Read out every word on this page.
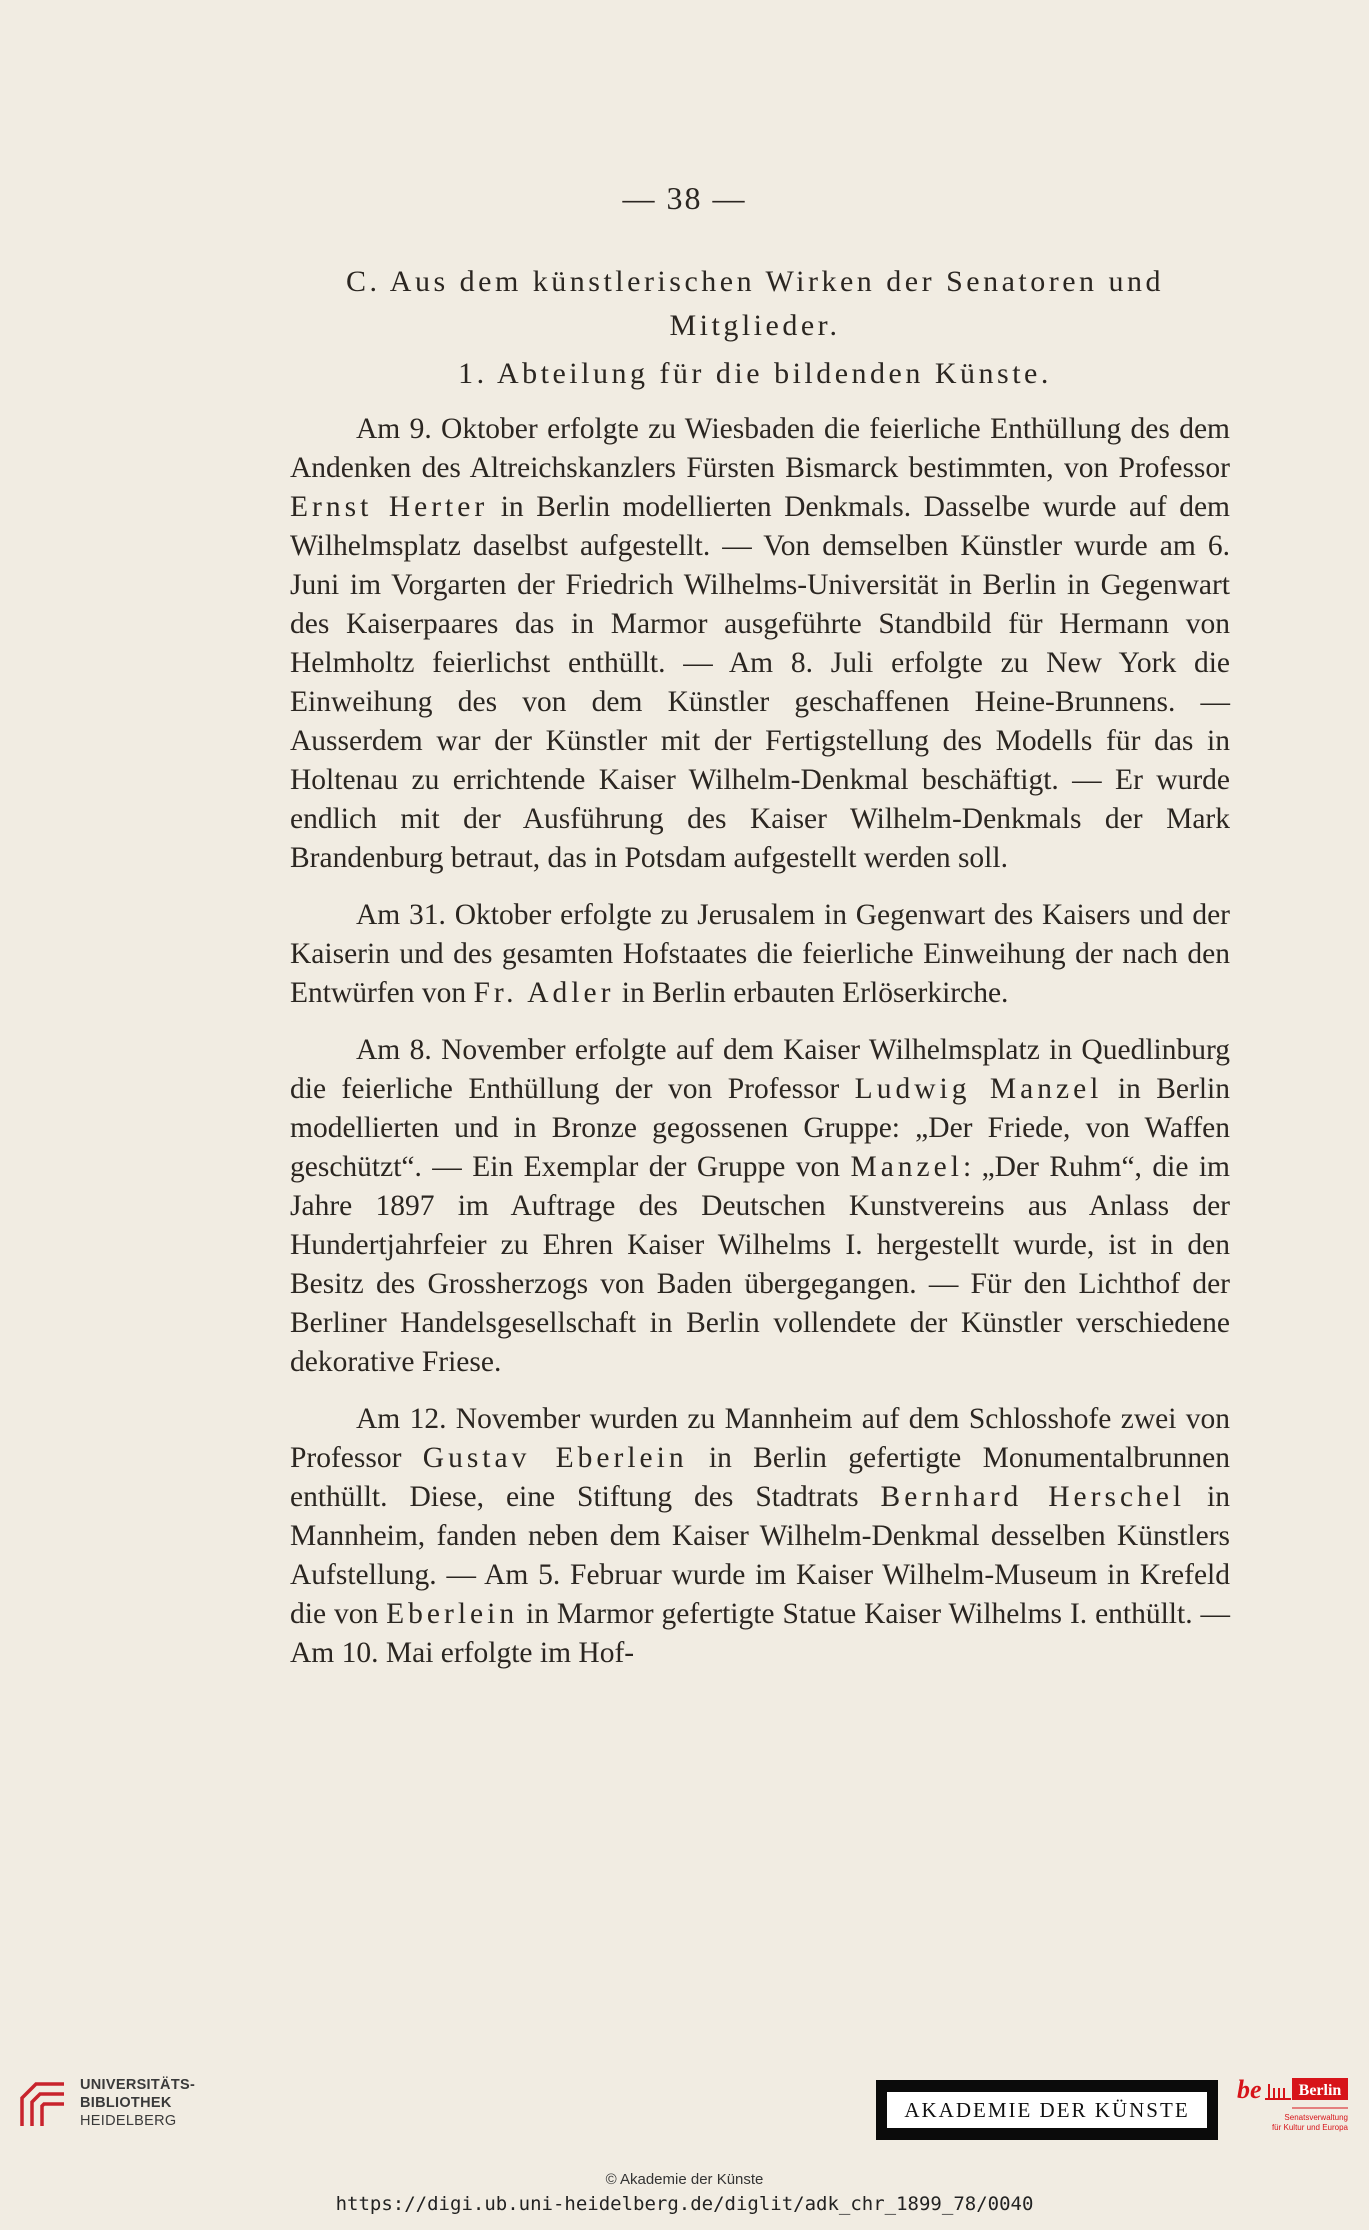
— 38 —
C. Aus dem künstlerischen Wirken der Senatoren und
Mitglieder.
1. Abteilung für die bildenden Künste.

Am 9. Oktober erfolgte zu Wiesbaden die feierliche Enthüllung des dem Andenken des Altreichskanzlers Fürsten Bismarck bestimmten, von Professor Ernst Herter in Berlin modellierten Denkmals. Dasselbe wurde auf dem Wilhelmsplatz daselbst aufgestellt. — Von demselben Künstler wurde am 6. Juni im Vorgarten der Friedrich Wilhelms-Universität in Berlin in Gegenwart des Kaiserpaares das in Marmor ausgeführte Standbild für Hermann von Helmholtz feierlichst enthüllt. — Am 8. Juli erfolgte zu New York die Einweihung des von dem Künstler geschaffenen Heine-Brunnens. — Ausserdem war der Künstler mit der Fertigstellung des Modells für das in Holtenau zu errichtende Kaiser Wilhelm-Denkmal beschäftigt. — Er wurde endlich mit der Ausführung des Kaiser Wilhelm-Denkmals der Mark Brandenburg betraut, das in Potsdam aufgestellt werden soll.

Am 31. Oktober erfolgte zu Jerusalem in Gegenwart des Kaisers und der Kaiserin und des gesamten Hofstaates die feierliche Einweihung der nach den Entwürfen von Fr. Adler in Berlin erbauten Erlöserkirche.

Am 8. November erfolgte auf dem Kaiser Wilhelmsplatz in Quedlinburg die feierliche Enthüllung der von Professor Ludwig Manzel in Berlin modellierten und in Bronze gegossenen Gruppe: „Der Friede, von Waffen geschützt“. — Ein Exemplar der Gruppe von Manzel: „Der Ruhm“, die im Jahre 1897 im Auftrage des Deutschen Kunstvereins aus Anlass der Hundertjahrfeier zu Ehren Kaiser Wilhelms I. hergestellt wurde, ist in den Besitz des Grossherzogs von Baden übergegangen. — Für den Lichthof der Berliner Handelsgesellschaft in Berlin vollendete der Künstler verschiedene dekorative Friese.

Am 12. November wurden zu Mannheim auf dem Schlosshofe zwei von Professor Gustav Eberlein in Berlin gefertigte Monumentalbrunnen enthüllt. Diese, eine Stiftung des Stadtrats Bernhard Herschel in Mannheim, fanden neben dem Kaiser Wilhelm-Denkmal desselben Künstlers Aufstellung. — Am 5. Februar wurde im Kaiser Wilhelm-Museum in Krefeld die von Eberlein in Marmor gefertigte Statue Kaiser Wilhelms I. enthüllt. — Am 10. Mai erfolgte im Hof-

UNIVERSITÄTS-
BIBLIOTHEK
HEIDELBERG	AKADEMIE DER KÜNSTE
be Berlin
Senatsverwaltung
für Kultur und Europa
© Akademie der Künste
https://digi.ub.uni-heidelberg.de/diglit/adk_chr_1899_78/0040
